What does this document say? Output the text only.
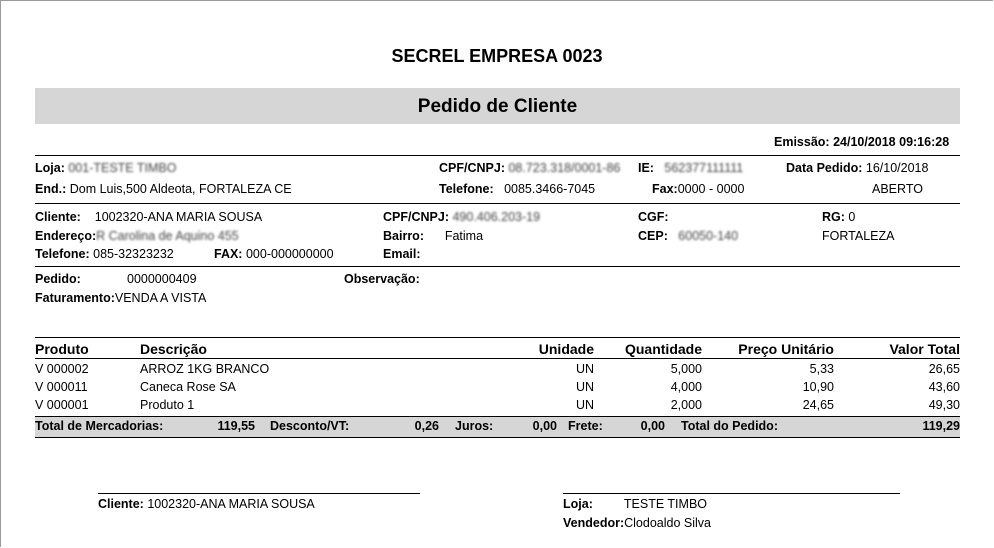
SECREL EMPRESA 0023
Pedido de Cliente
Emissão: 24/10/2018 09:16:28
Loja: 001-TESTE TIMBO	CPF/CNPJ: 08.723.318/0001-86 IE: 562377111111	Data Pedido: 16/10/2018
End.: Dom Luis,500 Aldeota, FORTALEZA CE	Telefone: 0085.3466-7045	Fax:0000 - 0000	ABERTO
Cliente: 1002320-ANA MARIA SOUSA	CPF/CNPJ: 490.406.203-19	CGF:	RG: 0
Endereço:R Carolina de Aquino 455	Bairro: Fatima	CEP: 60050-140	FORTALEZA
Telefone: 085-32323232	FAX: 000-000000000	Email:
Pedido:	0000000409	Observação:
Faturamento:VENDA A VISTA
Produto	Descrição	Unidade	Quantidade	Preço Unitário	Valor Total
V 000002	ARROZ 1KG BRANCO	UN	5,000	5,33	26,65
V 000011	Caneca Rose SA	UN	4,000	10,90	43,60
V 000001	Produto 1	UN	2,000	24,65	49,30
Total de Mercadorias:	119,55 Desconto/VT:	0,26 Juros:	0,00 Frete:	0,00 Total do Pedido:	119,29
Cliente: 1002320-ANA MARIA SOUSA	Loja: TESTE TIMBO
Vendedor:Clodoaldo Silva
